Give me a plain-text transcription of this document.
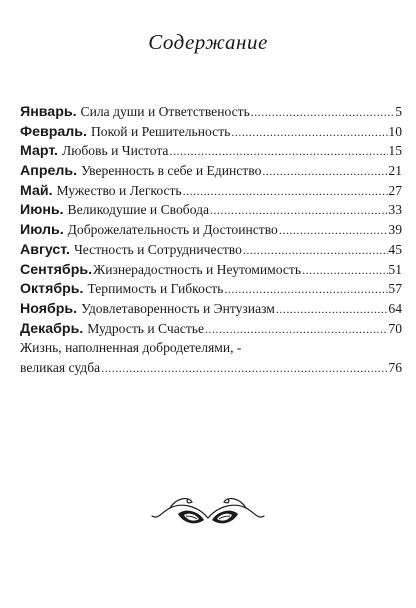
Содержание
Январь. Сила души и Ответственость .....	5
Февраль. Покой и Решительность .....	10
Март. Любовь и Чистота .....	15
Апрель. Уверенность в себе и Единство .....	21
Май. Мужество и Легкость .....	27
Июнь. Великодушие и Свобода .....	33
Июль. Доброжелательность и Достоинство .....	39
Август. Честность и Сотрудничество .....	45
Сентябрь. Жизнерадостность и Неутомимость .....	51
Октябрь. Терпимость и Гибкость .....	57
Ноябрь. Удовлетаворенность и Энтузиазм .....	64
Декабрь. Мудрость и Счастье .....	70
Жизнь, наполненная добродетелями, -
великая судба .....	76
